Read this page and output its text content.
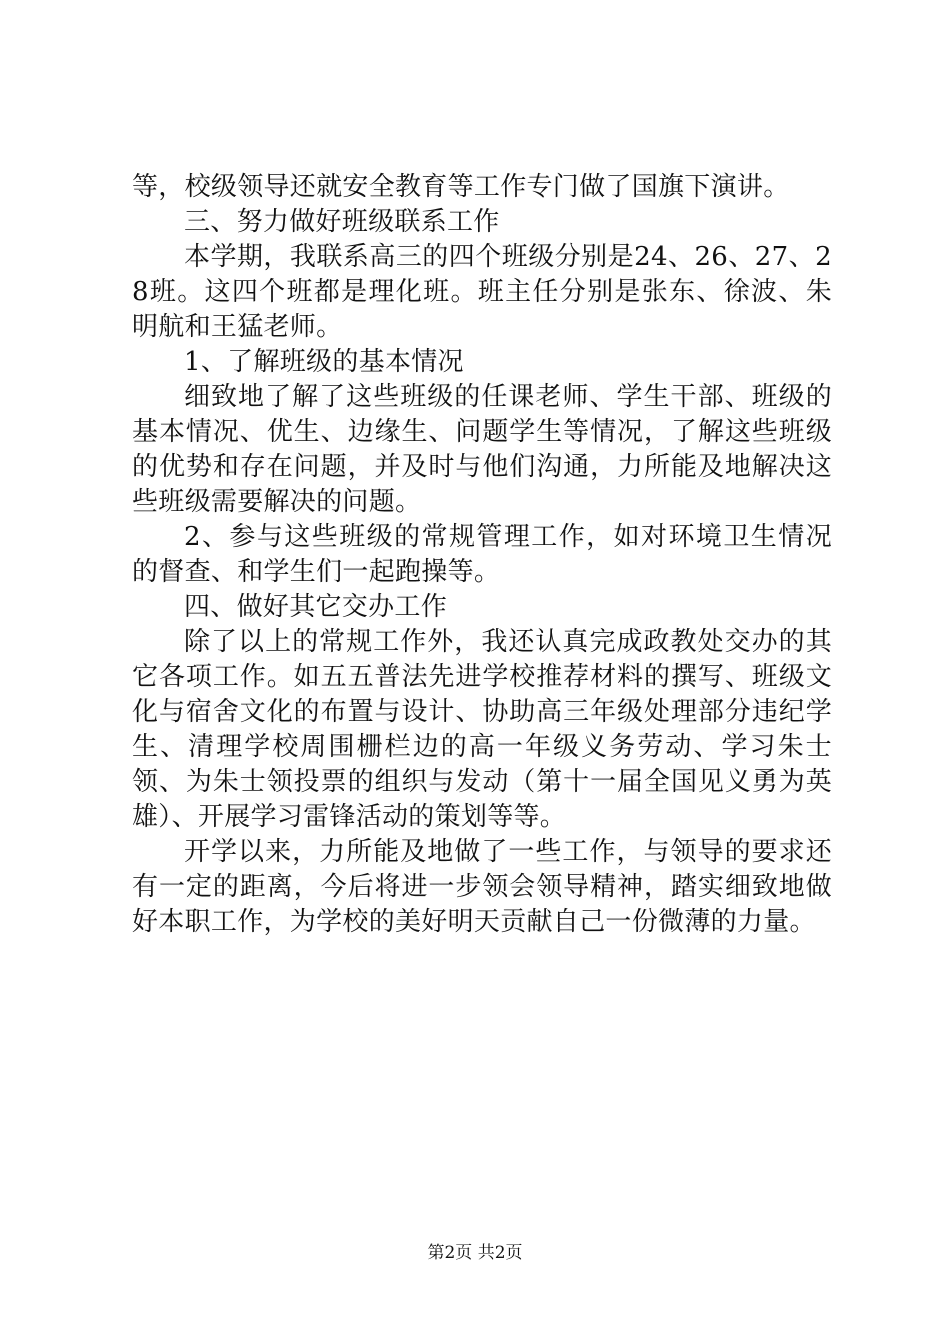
等，校级领导还就安全教育等工作专门做了国旗下演讲。

三、努力做好班级联系工作

本学期，我联系高三的四个班级分别是24、26、27、28班。这四个班都是理化班。班主任分别是张东、徐波、朱明航和王猛老师。

1、了解班级的基本情况

细致地了解了这些班级的任课老师、学生干部、班级的基本情况、优生、边缘生、问题学生等情况，了解这些班级的优势和存在问题，并及时与他们沟通，力所能及地解决这些班级需要解决的问题。

2、参与这些班级的常规管理工作，如对环境卫生情况的督查、和学生们一起跑操等。

四、做好其它交办工作

除了以上的常规工作外，我还认真完成政教处交办的其它各项工作。如五五普法先进学校推荐材料的撰写、班级文化与宿舍文化的布置与设计、协助高三年级处理部分违纪学生、清理学校周围栅栏边的高一年级义务劳动、学习朱士领、为朱士领投票的组织与发动（第十一届全国见义勇为英雄）、开展学习雷锋活动的策划等等。

开学以来，力所能及地做了一些工作，与领导的要求还有一定的距离，今后将进一步领会领导精神，踏实细致地做好本职工作，为学校的美好明天贡献自己一份微薄的力量。

第2页 共2页
